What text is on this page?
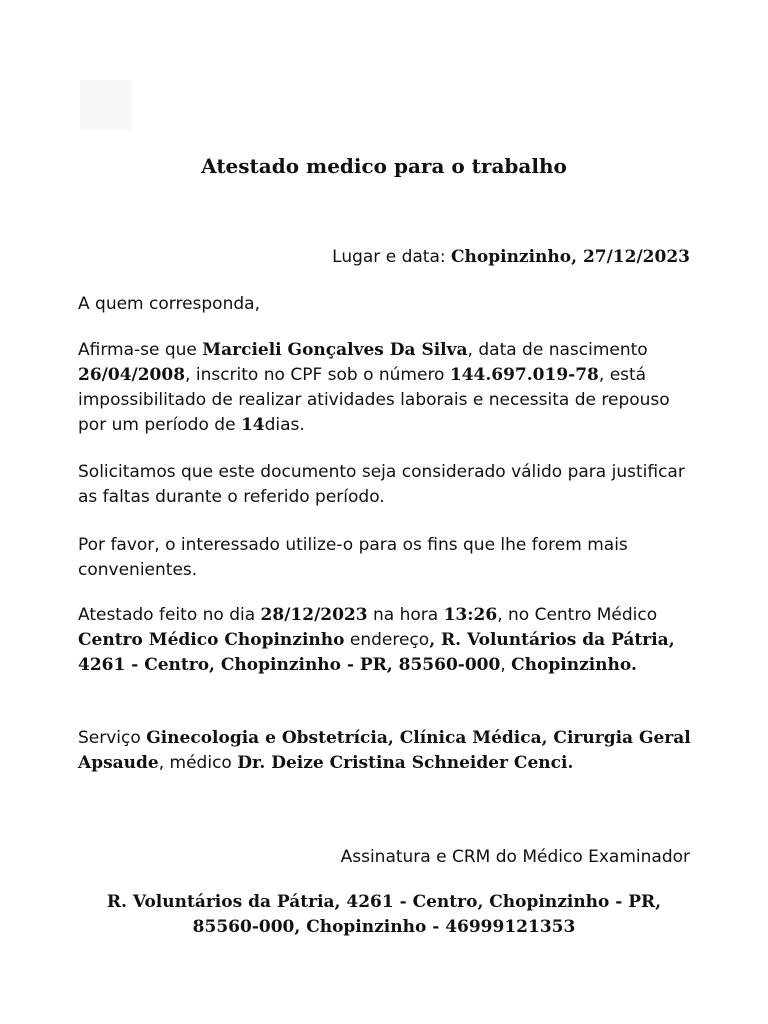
Atestado medico para o trabalho
Lugar e data: Chopinzinho, 27/12/2023

A quem corresponda,

Afirma-se que Marcieli Gonçalves Da Silva, data de nascimento 26/04/2008, inscrito no CPF sob o número 144.697.019-78, está impossibilitado de realizar atividades laborais e necessita de repouso por um período de 14dias.

Solicitamos que este documento seja considerado válido para justificar as faltas durante o referido período.

Por favor, o interessado utilize-o para os fins que lhe forem mais convenientes.

Atestado feito no dia 28/12/2023 na hora 13:26, no Centro Médico Centro Médico Chopinzinho endereço, R. Voluntários da Pátria, 4261 - Centro, Chopinzinho - PR, 85560-000, Chopinzinho.

Serviço Ginecologia e Obstetrícia, Clínica Médica, Cirurgia Geral Apsaude, médico Dr. Deize Cristina Schneider Cenci.

Assinatura e CRM do Médico Examinador

R. Voluntários da Pátria, 4261 - Centro, Chopinzinho - PR,
85560-000, Chopinzinho - 46999121353
